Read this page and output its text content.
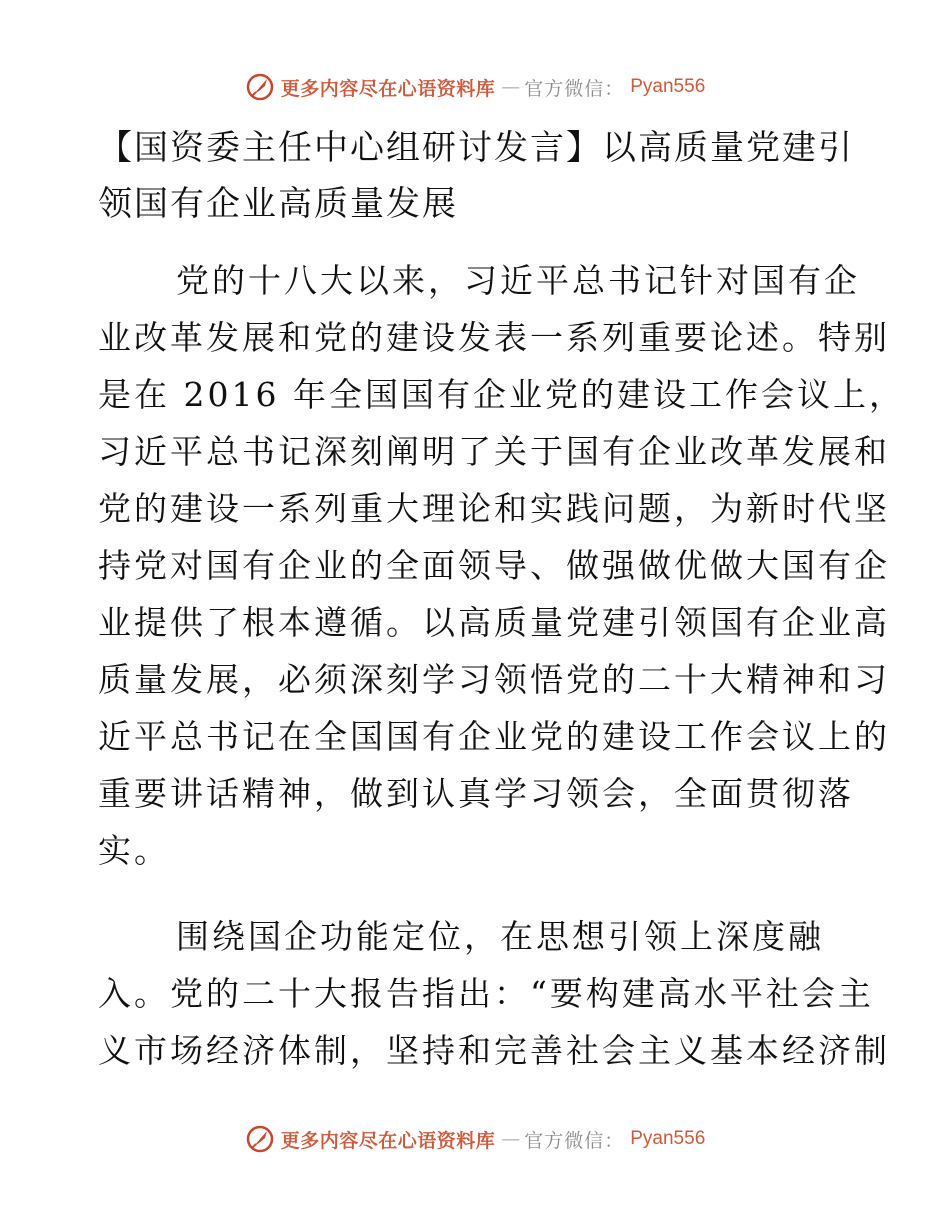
更多内容尽在心语资料库 — 官方微信： Pyan556
【国资委主任中心组研讨发言】以高质量党建引
领国有企业高质量发展
党的十八大以来，习近平总书记针对国有企
业改革发展和党的建设发表一系列重要论述。特别
是在 2016 年全国国有企业党的建设工作会议上，
习近平总书记深刻阐明了关于国有企业改革发展和
党的建设一系列重大理论和实践问题，为新时代坚
持党对国有企业的全面领导、做强做优做大国有企
业提供了根本遵循。以高质量党建引领国有企业高
质量发展，必须深刻学习领悟党的二十大精神和习
近平总书记在全国国有企业党的建设工作会议上的
重要讲话精神，做到认真学习领会，全面贯彻落
实。
围绕国企功能定位，在思想引领上深度融
入。党的二十大报告指出：“要构建高水平社会主
义市场经济体制，坚持和完善社会主义基本经济制
更多内容尽在心语资料库 — 官方微信： Pyan556
